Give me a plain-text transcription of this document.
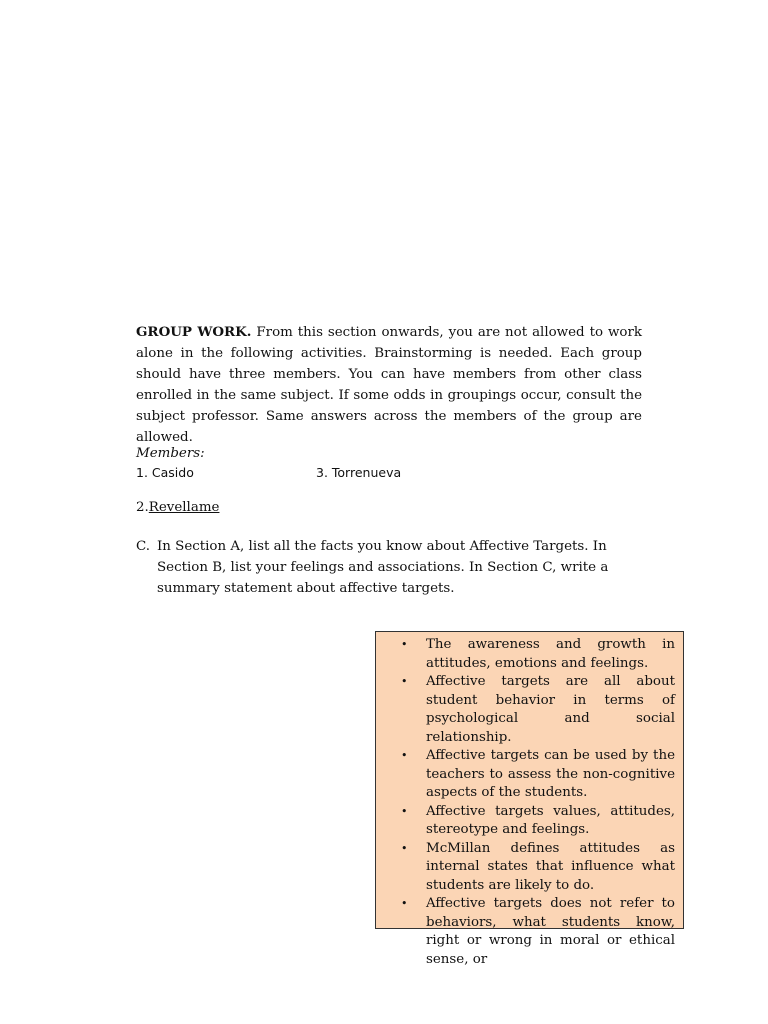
GROUP WORK. From this section onwards, you are not allowed to work alone in the following activities. Brainstorming is needed. Each group should have three members. You can have members from other class enrolled in the same subject. If some odds in groupings occur, consult the subject professor. Same answers across the members of the group are allowed.

Members:

1. Casido	3. Torrenueva

2.Revellame

C. In Section A, list all the facts you know about Affective Targets. In Section B, list your feelings and associations. In Section C, write a summary statement about affective targets.
• The awareness and growth in attitudes, emotions and feelings.
• Affective targets are all about student behavior in terms of psychological and social relationship.
• Affective targets can be used by the teachers to assess the non-cognitive aspects of the students.
• Affective targets values, attitudes, stereotype and feelings.
• McMillan defines attitudes as internal states that influence what students are likely to do.
• Affective targets does not refer to behaviors, what students know, right or wrong in moral or ethical sense, or
